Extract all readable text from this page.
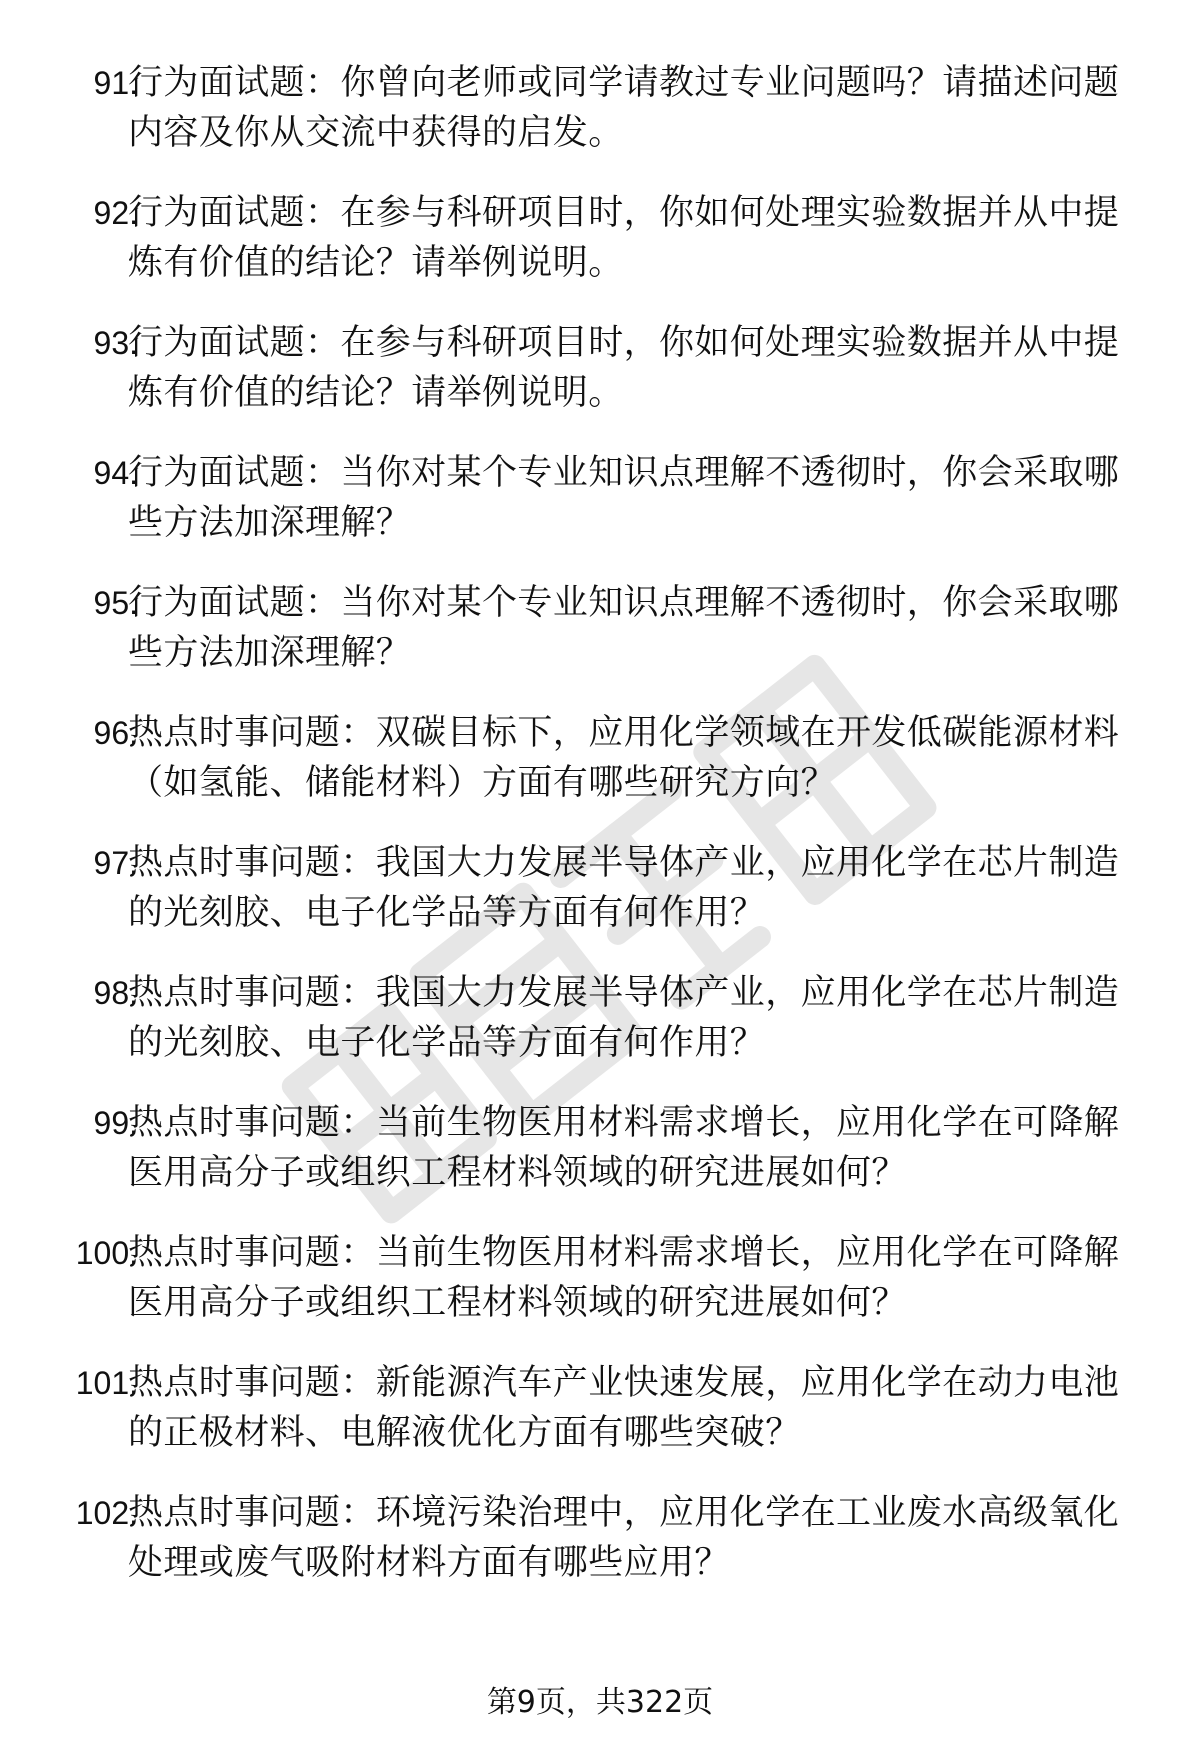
91.
行为面试题：你曾向老师或同学请教过专业问题吗？请描述问题内容及你从交流中获得的启发。
92.
行为面试题：在参与科研项目时，你如何处理实验数据并从中提炼有价值的结论？请举例说明。
93.
行为面试题：在参与科研项目时，你如何处理实验数据并从中提炼有价值的结论？请举例说明。
94.
行为面试题：当你对某个专业知识点理解不透彻时，你会采取哪些方法加深理解？
95.
行为面试题：当你对某个专业知识点理解不透彻时，你会采取哪些方法加深理解？
96.
热点时事问题：双碳目标下，应用化学领域在开发低碳能源材料（如氢能、储能材料）方面有哪些研究方向？
97.
热点时事问题：我国大力发展半导体产业，应用化学在芯片制造的光刻胶、电子化学品等方面有何作用？
98.
热点时事问题：我国大力发展半导体产业，应用化学在芯片制造的光刻胶、电子化学品等方面有何作用？
99.
热点时事问题：当前生物医用材料需求增长，应用化学在可降解医用高分子或组织工程材料领域的研究进展如何？
100.
热点时事问题：当前生物医用材料需求增长，应用化学在可降解医用高分子或组织工程材料领域的研究进展如何？
101.
热点时事问题：新能源汽车产业快速发展，应用化学在动力电池的正极材料、电解液优化方面有哪些突破？
102.
热点时事问题：环境污染治理中，应用化学在工业废水高级氧化处理或废气吸附材料方面有哪些应用？
第9页，共322页
